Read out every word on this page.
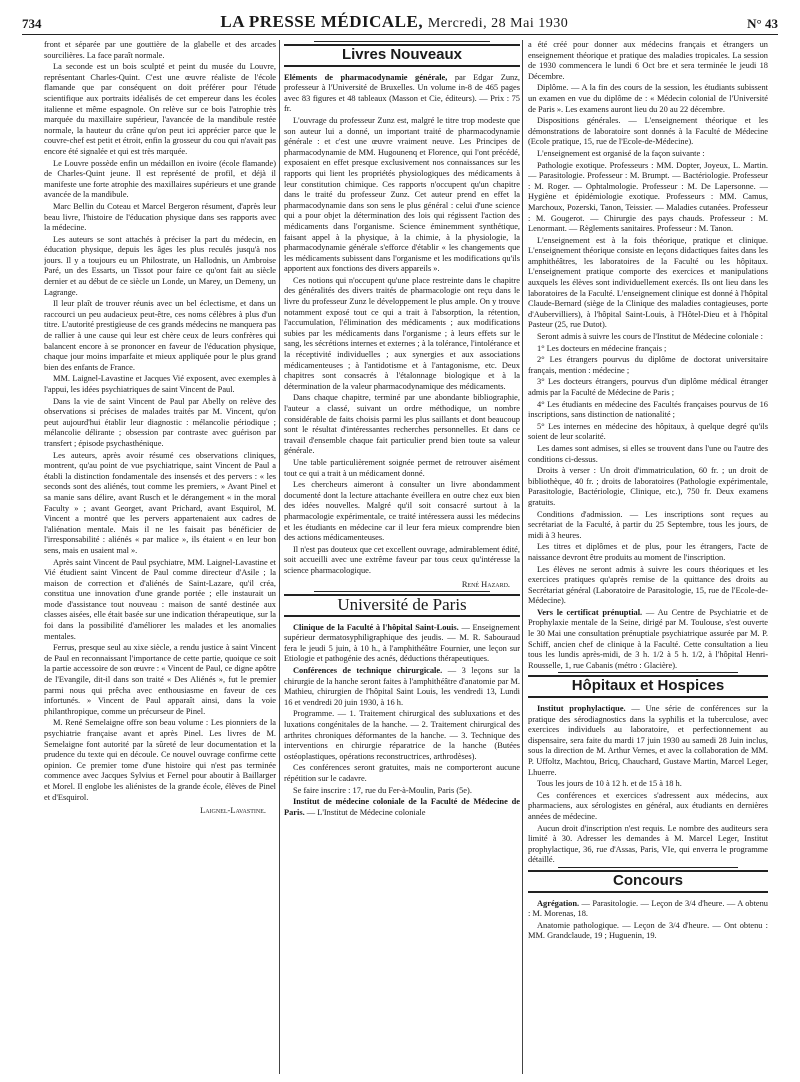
734	LA PRESSE MÉDICALE, Mercredi, 28 Mai 1930	N° 43

front et séparée par une gouttière de la glabelle et des arcades sourcilières. La face paraît normale.

La seconde est un bois sculpté et peint du musée du Louvre, représentant Charles-Quint. C'est une œuvre réaliste de l'école flamande que par conséquent on doit préférer pour l'étude scientifique aux portraits idéalisés de cet empereur dans les écoles italienne et même espagnole. On relève sur ce bois l'atrophie très marquée du maxillaire supérieur, l'avancée de la mandibule restée normale, la hauteur du crâne qu'on peut ici apprécier parce que le couvre-chef est petit et étroit, enfin la grosseur du cou qui n'avait pas encore été signalée et qui est très marquée.

Le Louvre possède enfin un médaillon en ivoire (école flamande) de Charles-Quint jeune. Il est représenté de profil, et déjà il manifeste une forte atrophie des maxillaires supérieurs et une grande avancée de la mandibule.

Marc Bellin du Coteau et Marcel Bergeron résument, d'après leur beau livre, l'histoire de l'éducation physique dans ses rapports avec la médecine.

Les auteurs se sont attachés à préciser la part du médecin, en éducation physique, depuis les âges les plus reculés jusqu'à nos jours. Il y a toujours eu un Philostrate, un Hallodnis, un Ambroise Paré, un des Essarts, un Tissot pour faire ce qu'ont fait au siècle dernier et au début de ce siècle un Londe, un Marey, un Demeny, un Lagrange.

Il leur plaît de trouver réunis avec un bel éclectisme, et dans un raccourci un peu audacieux peut-être, ces noms célèbres à plus d'un titre. L'autorité prestigieuse de ces grands médecins ne manquera pas de rallier à une cause qui leur est chère ceux de leurs confrères qui balancent encore à se prononcer en faveur de l'éducation physique, chaque jour moins imparfaite et mieux appliquée pour le plus grand bien des enfants de France.

MM. Laignel-Lavastine et Jacques Vié exposent, avec exemples à l'appui, les idées psychiatriques de saint Vincent de Paul.

Dans la vie de saint Vincent de Paul par Abelly on relève des observations si précises de malades traités par M. Vincent, qu'on peut aujourd'hui établir leur diagnostic : mélancolie périodique ; mélancolie délirante ; obsession par contraste avec guérison par transfert ; épisode psychasthénique.

Les auteurs, après avoir résumé ces observations cliniques, montrent, qu'au point de vue psychiatrique, saint Vincent de Paul a établi la distinction fondamentale des insensés et des pervers : « les seconds sont des aliénés, tout comme les premiers, » Avant Pinel et sa manie sans délire, avant Rusch et le dérangement « in the moral Faculty » ; avant Georget, avant Prichard, avant Esquirol, M. Vincent a montré que les pervers appartenaient aux cadres de l'aliénation mentale. Mais il ne les faisait pas bénéficier de l'irresponsabilité : aliénés « par malice », ils étaient « en leur bon sens, mais en usaient mal ».

Après saint Vincent de Paul psychiatre, MM. Laignel-Lavastine et Vié étudient saint Vincent de Paul comme directeur d'Asile ; la maison de correction et d'aliénés de Saint-Lazare, qu'il créa, constitua une innovation d'une grande portée ; elle instaurait un mode d'assistance tout nouveau : maison de santé destinée aux classes aisées, elle était basée sur une indication thérapeutique, sur la foi dans la possibilité d'améliorer les malades et les anomalies mentales.

Ferrus, presque seul au xixe siècle, a rendu justice à saint Vincent de Paul en reconnaissant l'importance de cette partie, quoique ce soit la partie accessoire de son œuvre : « Vincent de Paul, ce digne apôtre de l'Evangile, dit-il dans son traité « Des Aliénés », fut le premier parmi nous qui prêcha avec enthousiasme en faveur de ces infortunés. » Vincent de Paul apparaît ainsi, dans la voie philanthropique, comme un précurseur de Pinel.

M. René Semelaigne offre son beau volume : Les pionniers de la psychiatrie française avant et après Pinel. Les livres de M. Semelaigne font autorité par la sûreté de leur documentation et la prudence du texte qui en découle. Ce nouvel ouvrage confirme cette opinion. Ce premier tome d'une histoire qui n'est pas terminée commence avec Jacques Sylvius et Fernel pour aboutir à Baillarger et Morel. Il englobe les aliénistes de la grande école, élèves de Pinel et d'Esquirol.

Laignel-Lavastine.
Livres Nouveaux

Eléments de pharmacodynamie générale, par Edgar Zunz, professeur à l'Université de Bruxelles. Un volume in-8 de 465 pages avec 83 figures et 48 tableaux (Masson et Cie, éditeurs). — Prix : 75 fr.

L'ouvrage du professeur Zunz est, malgré le titre trop modeste que son auteur lui a donné, un important traité de pharmacodynamie générale : et c'est une œuvre vraiment neuve. Les Principes de pharmacodynamie de MM. Hugounenq et Florence, qui l'ont précédé, exposaient en effet presque exclusivement nos connaissances sur les rapports qui lient les propriétés physiologiques des médicaments à leur constitution chimique. Ces rapports n'occupent qu'un chapitre dans le traité du professeur Zunz. Cet auteur prend en effet la pharmacodynamie dans son sens le plus général : celui d'une science qui a pour objet la détermination des lois qui régissent l'action des médicaments dans l'organisme. Science éminemment synthétique, faisant appel à la physique, à la chimie, à la physiologie, la pharmacodynamie générale s'efforce d'établir « les changements que les médicaments subissent dans l'organisme et les modifications qu'ils apportent aux fonctions des divers appareils ».

Ces notions qui n'occupent qu'une place restreinte dans le chapitre des généralités des divers traités de pharmacologie ont reçu dans le livre du professeur Zunz le développement le plus ample. On y trouve notamment exposé tout ce qui a trait à l'absorption, la rétention, l'accumulation, l'élimination des médicaments ; aux modifications subies par les médicaments dans l'organisme ; à leurs effets sur le sang, les sécrétions internes et externes ; à la tolérance, l'intolérance et la réceptivité individuelles ; aux synergies et aux associations médicamenteuses ; à l'antidotisme et à l'antagonisme, etc. Deux chapitres sont consacrés à l'étalonnage biologique et à la détermination de la valeur pharmacodynamique des médicaments.

Dans chaque chapitre, terminé par une abondante bibliographie, l'auteur a classé, suivant un ordre méthodique, un nombre considérable de faits choisis parmi les plus saillants et dont beaucoup sont le résultat d'intéressantes recherches personnelles. Et dans ce travail d'ensemble chaque fait particulier prend bien toute sa valeur générale.

Une table particulièrement soignée permet de retrouver aisément tout ce qui a trait à un médicament donné.

Les chercheurs aimeront à consulter un livre abondamment documenté dont la lecture attachante éveillera en outre chez eux bien des idées nouvelles. Malgré qu'il soit consacré surtout à la pharmacologie expérimentale, ce traité intéressera aussi les médecins et les étudiants en médecine car il leur fera mieux comprendre bien des actions médicamenteuses.

Il n'est pas douteux que cet excellent ouvrage, admirablement édité, soit accueilli avec une extrême faveur par tous ceux qu'intéresse la science pharmacologique.

René Hazard.
Université de Paris

Clinique de la Faculté à l'hôpital Saint-Louis. — Enseignement supérieur dermatosyphiligraphique des jeudis. — M. R. Sabouraud fera le jeudi 5 juin, à 10 h., à l'amphithéâtre Fournier, une leçon sur Etiologie et pathogénie des acnés, déductions thérapeutiques.

Conférences de technique chirurgicale. — 3 leçons sur la chirurgie de la hanche seront faites à l'amphithéâtre d'anatomie par M. Mathieu, chirurgien de l'hôpital Saint Louis, les vendredi 13, Lundi 16 et vendredi 20 juin 1930, à 16 h.

Programme. — 1. Traitement chirurgical des subluxations et des luxations congénitales de la hanche. — 2. Traitement chirurgical des arthrites chroniques déformantes de la hanche. — 3. Technique des interventions en chirurgie réparatrice de la hanche (Butées ostéoplastiques, opérations reconstructrices, arthrodèses).

Ces conférences seront gratuites, mais ne comporteront aucune répétition sur le cadavre.

Se faire inscrire : 17, rue du Fer-à-Moulin, Paris (5e).

Institut de médecine coloniale de la Faculté de Médecine de Paris. — L'Institut de Médecine coloniale

a été créé pour donner aux médecins français et étrangers un enseignement théorique et pratique des maladies tropicales. La session de 1930 commencera le lundi 6 Oct bre et sera terminée le jeudi 18 Décembre.

Diplôme. — A la fin des cours de la session, les étudiants subissent un examen en vue du diplôme de : « Médecin colonial de l'Université de Paris ». Les examens auront lieu du 20 au 22 décembre.

Dispositions générales. — L'enseignement théorique et les démonstrations de laboratoire sont donnés à la Faculté de Médecine (Ecole pratique, 15, rue de l'Ecole-de-Médecine).

L'enseignement est organisé de la façon suivante :

Pathologie exotique. Professeurs : MM. Dopter, Joyeux, L. Martin. — Parasitologie. Professeur : M. Brumpt. — Bactériologie. Professeur : M. Roger. — Ophtalmologie. Professeur : M. De Lapersonne. — Hygiène et épidémiologie exotique. Professeurs : MM. Camus, Marchoux, Pozerski, Tanon, Teissier. — Maladies cutanées. Professeur : M. Gougerot. — Chirurgie des pays chauds. Professeur : M. Lenormant. — Règlements sanitaires. Professeur : M. Tanon.

L'enseignement est à la fois théorique, pratique et clinique. L'enseignement théorique consiste en leçons didactiques faites dans les amphithéâtres, les laboratoires de la Faculté ou les hôpitaux. L'enseignement pratique comporte des exercices et manipulations auxquels les élèves sont individuellement exercés. Ils ont lieu dans les laboratoires de la Faculté. L'enseignement clinique est donné à l'hôpital Claude-Bernard (siège de la Clinique des maladies contagieuses, porte d'Aubervilliers), à l'hôpital Saint-Louis, à l'Hôtel-Dieu et à l'hôpital Pasteur (25, rue Dutot).

Seront admis à suivre les cours de l'Institut de Médecine coloniale :

1° Les docteurs en médecine français ;

2° Les étrangers pourvus du diplôme de doctorat universitaire français, mention : médecine ;

3° Les docteurs étrangers, pourvus d'un diplôme médical étranger admis par la Faculté de Médecine de Paris ;

4° Les étudiants en médecine des Facultés françaises pourvus de 16 inscriptions, sans distinction de nationalité ;

5° Les internes en médecine des hôpitaux, à quelque degré qu'ils soient de leur scolarité.

Les dames sont admises, si elles se trouvent dans l'une ou l'autre des conditions ci-dessus.

Droits à verser : Un droit d'immatriculation, 60 fr. ; un droit de bibliothèque, 40 fr. ; droits de laboratoires (Pathologie expérimentale, Parasitologie, Bactériologie, Clinique, etc.), 750 fr. Deux examens gratuits.

Conditions d'admission. — Les inscriptions sont reçues au secrétariat de la Faculté, à partir du 25 Septembre, tous les jours, de midi à 3 heures.

Les titres et diplômes et de plus, pour les étrangers, l'acte de naissance devront être produits au moment de l'inscription.

Les élèves ne seront admis à suivre les cours théoriques et les exercices pratiques qu'après remise de la quittance des droits au Secrétariat général (Laboratoire de Parasitologie, 15, rue de l'Ecole-de-Médecine).

Vers le certificat prénuptial. — Au Centre de Psychiatrie et de Prophylaxie mentale de la Seine, dirigé par M. Toulouse, s'est ouverte le 30 Mai une consultation prénuptiale psychiatrique assurée par M. P. Schiff, ancien chef de clinique à la Faculté. Cette consultation a lieu tous les lundis après-midi, de 3 h. 1/2 à 5 h. 1/2, à l'hôpital Henri-Rousselle, 1, rue Cabanis (métro : Glacière).

Hôpitaux et Hospices

Institut prophylactique. — Une série de conférences sur la pratique des sérodiagnostics dans la syphilis et la tuberculose, avec exercices individuels au laboratoire, et perfectionnement au dispensaire, sera faite du mardi 17 juin 1930 au samedi 28 Juin inclus, sous la direction de M. Arthur Vernes, et avec la collaboration de MM. P. Uffoltz, Machtou, Bricq, Chauchard, Gustave Martin, Marcel Leger, Lhuerre.

Tous les jours de 10 à 12 h. et de 15 à 18 h.

Ces conférences et exercices s'adressent aux médecins, aux pharmaciens, aux sérologistes en général, aux étudiants en dernières années de médecine.

Aucun droit d'inscription n'est requis. Le nombre des auditeurs sera limité à 30. Adresser les demandes à M. Marcel Leger, Institut prophylactique, 36, rue d'Assas, Paris, VIe, qui enverra le programme détaillé.

Concours

Agrégation. — Parasitologie. — Leçon de 3/4 d'heure. — A obtenu : M. Morenas, 18.

Anatomie pathologique. — Leçon de 3/4 d'heure. — Ont obtenu : MM. Grandclaude, 19 ; Huguenin, 19.
